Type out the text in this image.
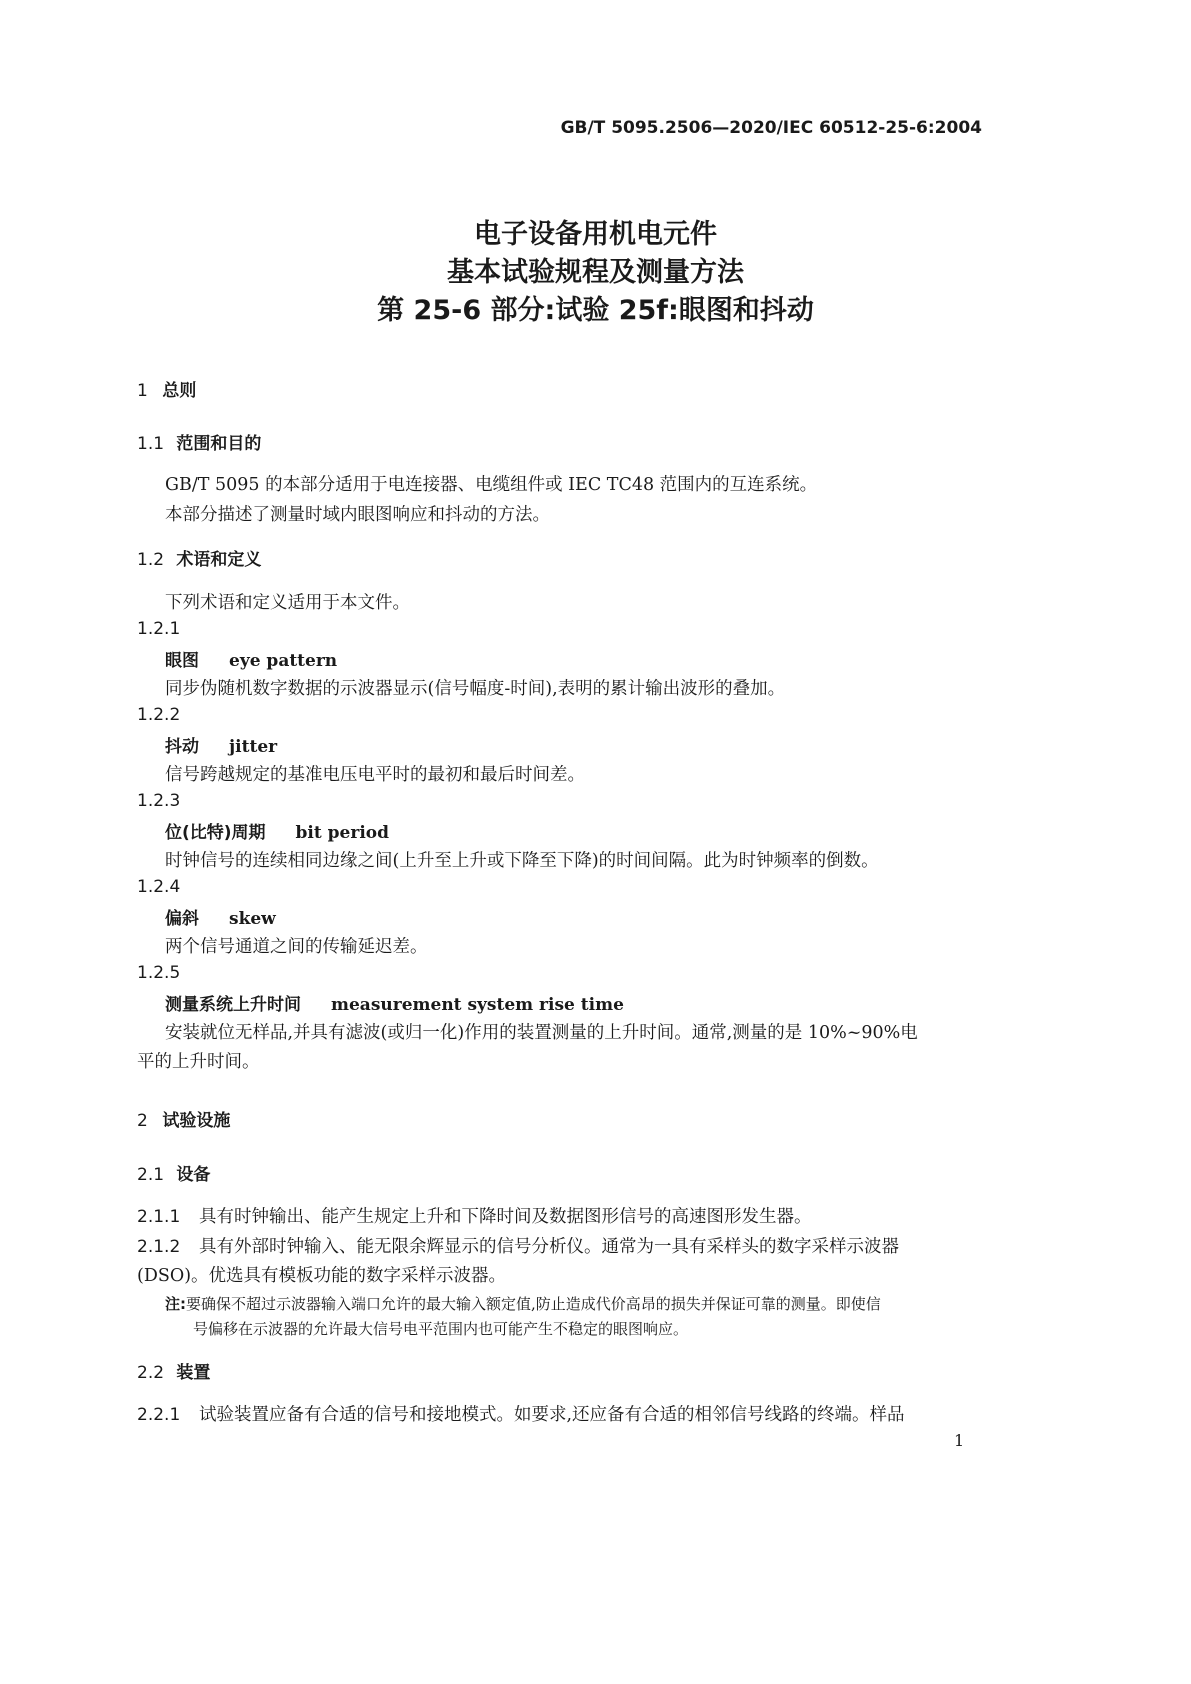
GB/T 5095.2506—2020/IEC 60512-25-6:2004
电子设备用机电元件
基本试验规程及测量方法
第 25-6 部分:试验 25f:眼图和抖动
1 总则
1.1 范围和目的
GB/T 5095 的本部分适用于电连接器、电缆组件或 IEC TC48 范围内的互连系统。
本部分描述了测量时域内眼图响应和抖动的方法。
1.2 术语和定义
下列术语和定义适用于本文件。
1.2.1
眼图 eye pattern
同步伪随机数字数据的示波器显示(信号幅度-时间),表明的累计输出波形的叠加。
1.2.2
抖动 jitter
信号跨越规定的基准电压电平时的最初和最后时间差。
1.2.3
位(比特)周期 bit period
时钟信号的连续相同边缘之间(上升至上升或下降至下降)的时间间隔。此为时钟频率的倒数。
1.2.4
偏斜 skew
两个信号通道之间的传输延迟差。
1.2.5
测量系统上升时间 measurement system rise time
安装就位无样品,并具有滤波(或归一化)作用的装置测量的上升时间。通常,测量的是 10%~90%电
平的上升时间。
2 试验设施
2.1 设备
2.1.1 具有时钟输出、能产生规定上升和下降时间及数据图形信号的高速图形发生器。
2.1.2 具有外部时钟输入、能无限余辉显示的信号分析仪。通常为一具有采样头的数字采样示波器
(DSO)。优选具有模板功能的数字采样示波器。
注:要确保不超过示波器输入端口允许的最大输入额定值,防止造成代价高昂的损失并保证可靠的测量。即使信
号偏移在示波器的允许最大信号电平范围内也可能产生不稳定的眼图响应。
2.2 装置
2.2.1 试验装置应备有合适的信号和接地模式。如要求,还应备有合适的相邻信号线路的终端。样品
1
